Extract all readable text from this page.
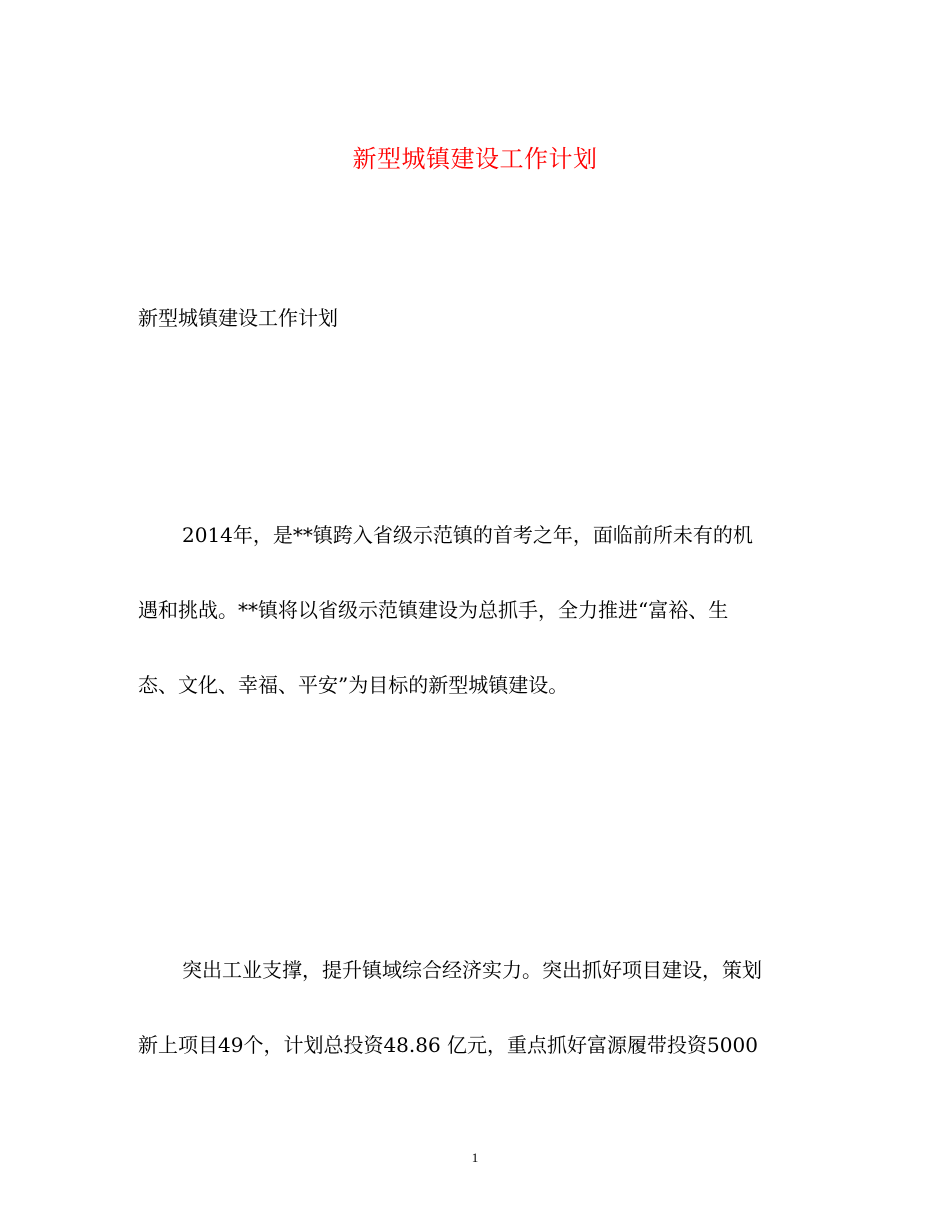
新型城镇建设工作计划
新型城镇建设工作计划
2014年，是**镇跨入省级示范镇的首考之年，面临前所未有的机
遇和挑战。**镇将以省级示范镇建设为总抓手，全力推进“富裕、生
态、文化、幸福、平安”为目标的新型城镇建设。
突出工业支撑，提升镇域综合经济实力。突出抓好项目建设，策划
新上项目49个，计划总投资48.86 亿元，重点抓好富源履带投资5000
1
